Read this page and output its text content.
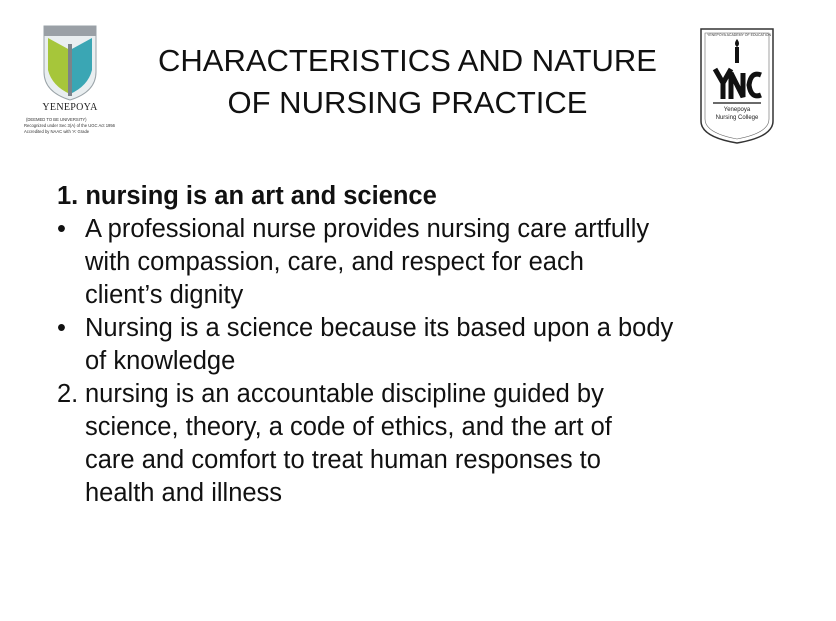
YENEPOYA
(DEEMED TO BE UNIVERSITY)
Recognized under Sec 3(A) of the UGC Act 1956
Accredited by NAAC with 'A' Grade
CHARACTERISTICS AND NATURE
OF NURSING PRACTICE
YENEPOYA ACADEMY OF EDUCATION
Yenepoya
Nursing College
1. nursing is an art and science
• A professional nurse provides nursing care artfully
with compassion, care, and respect for each
client’s dignity
• Nursing is a science because its based upon a body
of knowledge
2. nursing is an accountable discipline guided by
science, theory, a code of ethics, and the art of
care and comfort to treat human responses to
health and illness
